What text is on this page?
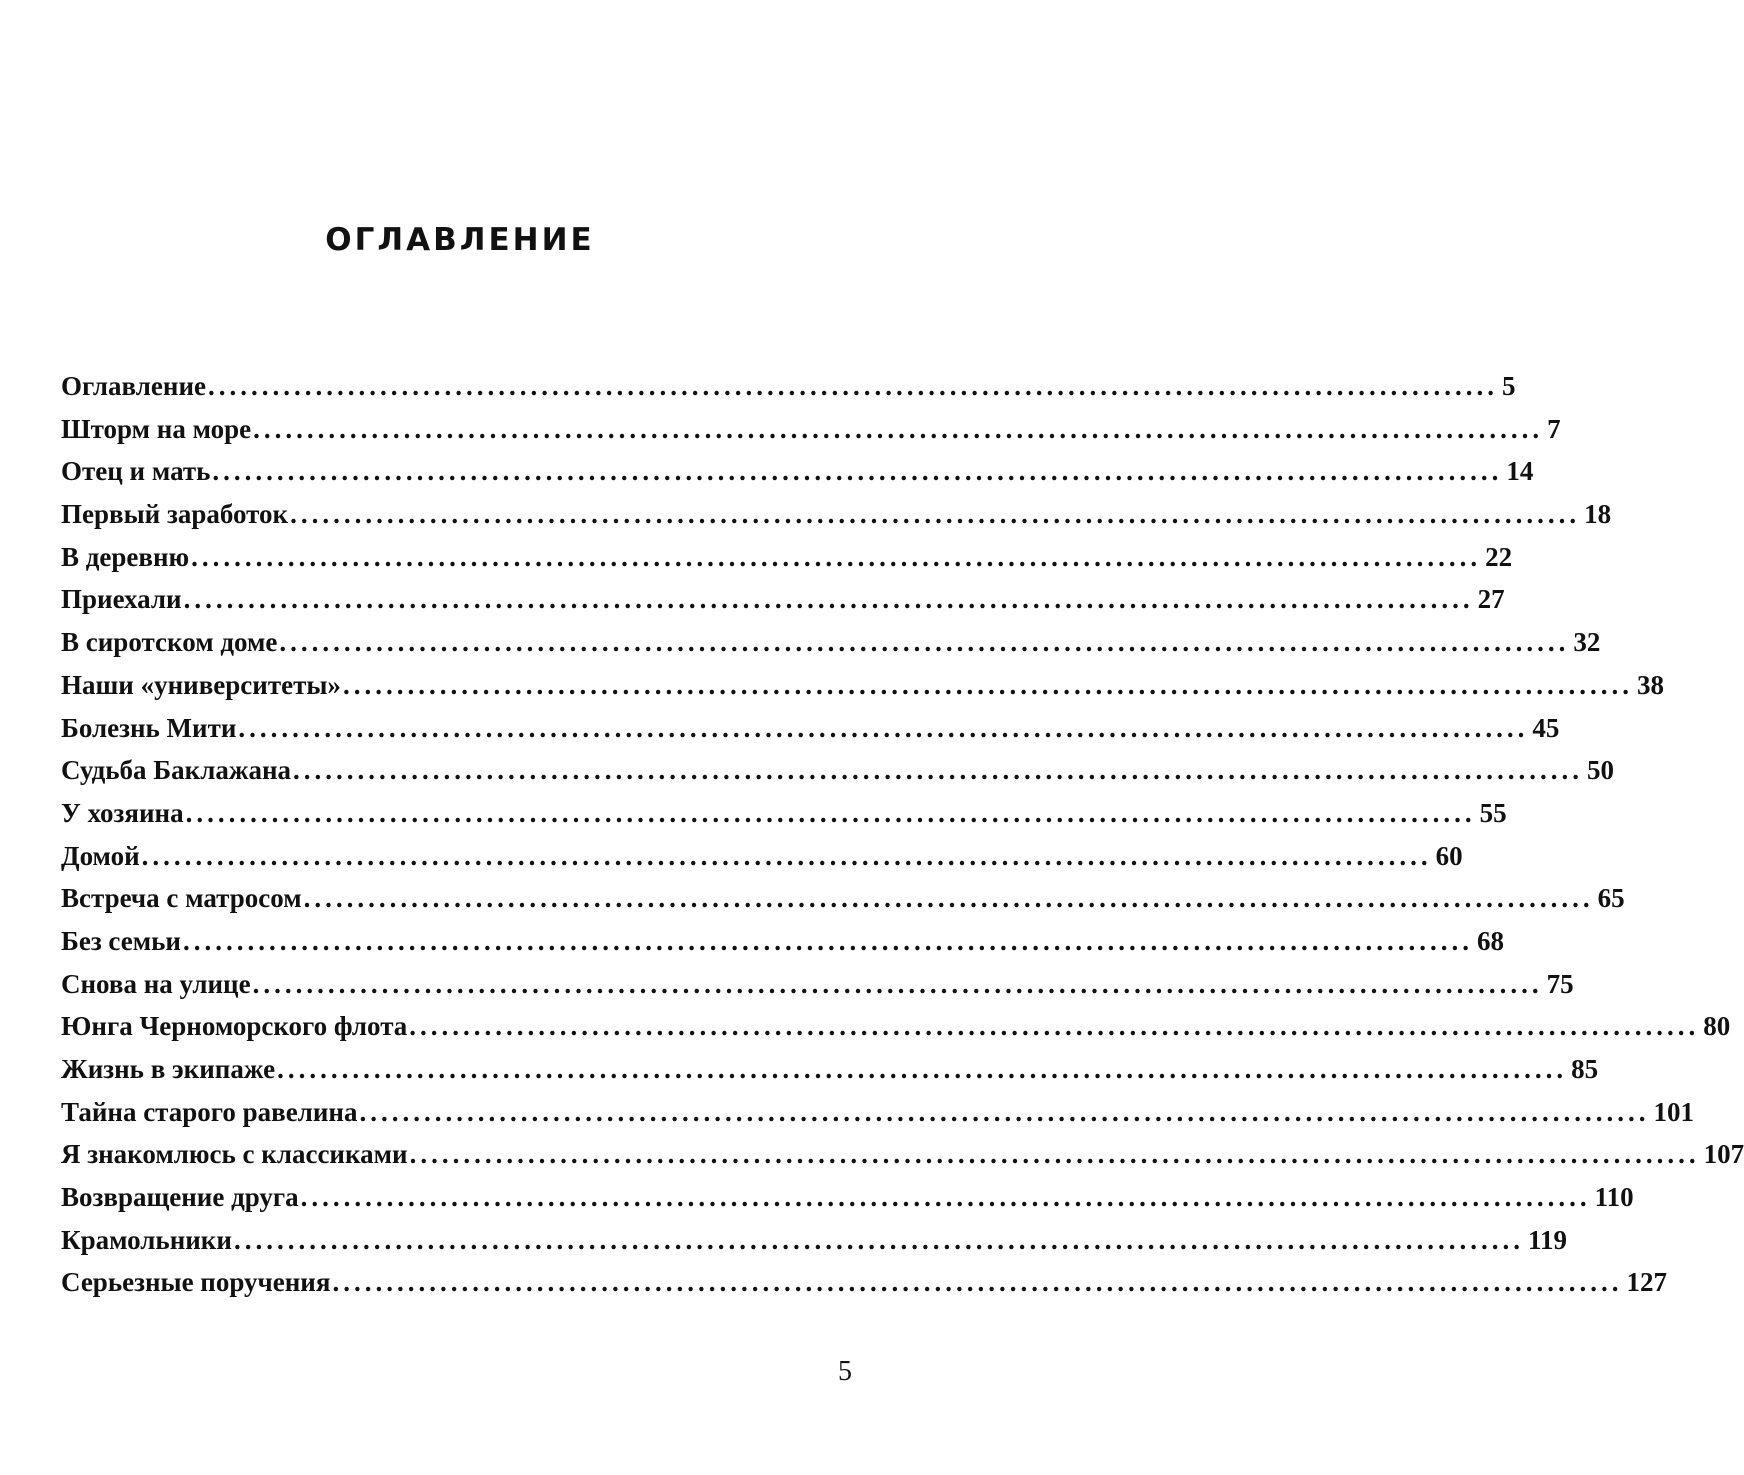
ОГЛАВЛЕНИЕ
Оглавление ........................................................................................................................ 5
Шторм на море ........................................................................................................................ 7
Отец и мать ........................................................................................................................ 14
Первый заработок ........................................................................................................................ 18
В деревню ........................................................................................................................ 22
Приехали ........................................................................................................................ 27
В сиротском доме ........................................................................................................................ 32
Наши «университеты» ........................................................................................................................ 38
Болезнь Мити ........................................................................................................................ 45
Судьба Баклажана ........................................................................................................................ 50
У хозяина ........................................................................................................................ 55
Домой ........................................................................................................................ 60
Встреча с матросом ........................................................................................................................ 65
Без семьи ........................................................................................................................ 68
Снова на улице ........................................................................................................................ 75
Юнга Черноморского флота ........................................................................................................................ 80
Жизнь в экипаже ........................................................................................................................ 85
Тайна старого равелина ........................................................................................................................ 101
Я знакомлюсь с классиками ........................................................................................................................ 107
Возвращение друга ........................................................................................................................ 110
Крамольники ........................................................................................................................ 119
Серьезные поручения ........................................................................................................................ 127

5
